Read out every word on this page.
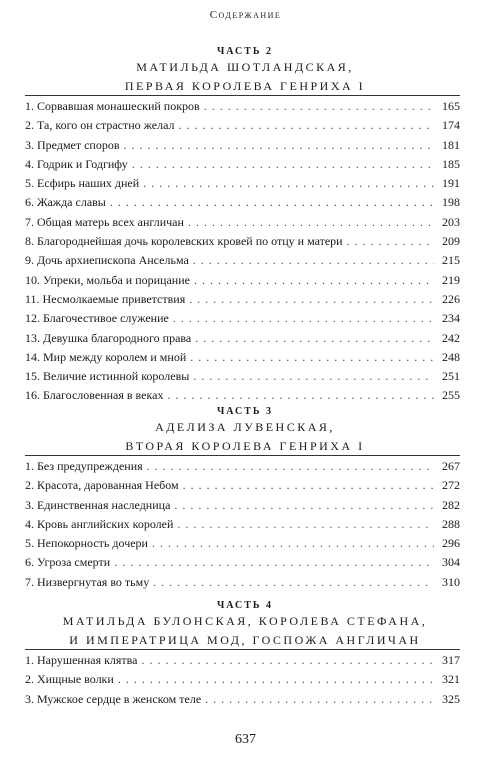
Содержание
ЧАСТЬ 2
МАТИЛЬДА ШОТЛАНДСКАЯ,
ПЕРВАЯ КОРОЛЕВА ГЕНРИХА I
1. Сорвавшая монашеский покров . . .	165
2. Та, кого он страстно желал . . .	174
3. Предмет споров . . .	181
4. Годрик и Годгифу . . .	185
5. Есфирь наших дней . . .	191
6. Жажда славы . . .	198
7. Общая матерь всех англичан . . .	203
8. Благороднейшая дочь королевских кровей по отцу и матери . . .	209
9. Дочь архиепископа Ансельма . . .	215
10. Упреки, мольба и порицание . . .	219
11. Несмолкаемые приветствия . . .	226
12. Благочестивое служение . . .	234
13. Девушка благородного права . . .	242
14. Мир между королем и мной . . .	248
15. Величие истинной королевы . . .	251
16. Благословенная в веках . . .	255
ЧАСТЬ 3
АДЕЛИЗА ЛУВЕНСКАЯ,
ВТОРАЯ КОРОЛЕВА ГЕНРИХА I
1. Без предупреждения . . .	267
2. Красота, дарованная Небом . . .	272
3. Единственная наследница . . .	282
4. Кровь английских королей . . .	288
5. Непокорность дочери . . .	296
6. Угроза смерти . . .	304
7. Низвергнутая во тьму . . .	310
ЧАСТЬ 4
МАТИЛЬДА БУЛОНСКАЯ, КОРОЛЕВА СТЕФАНА,
И ИМПЕРАТРИЦА МОД, ГОСПОЖА АНГЛИЧАН
1. Нарушенная клятва . . .	317
2. Хищные волки . . .	321
3. Мужское сердце в женском теле . . .	325
637
